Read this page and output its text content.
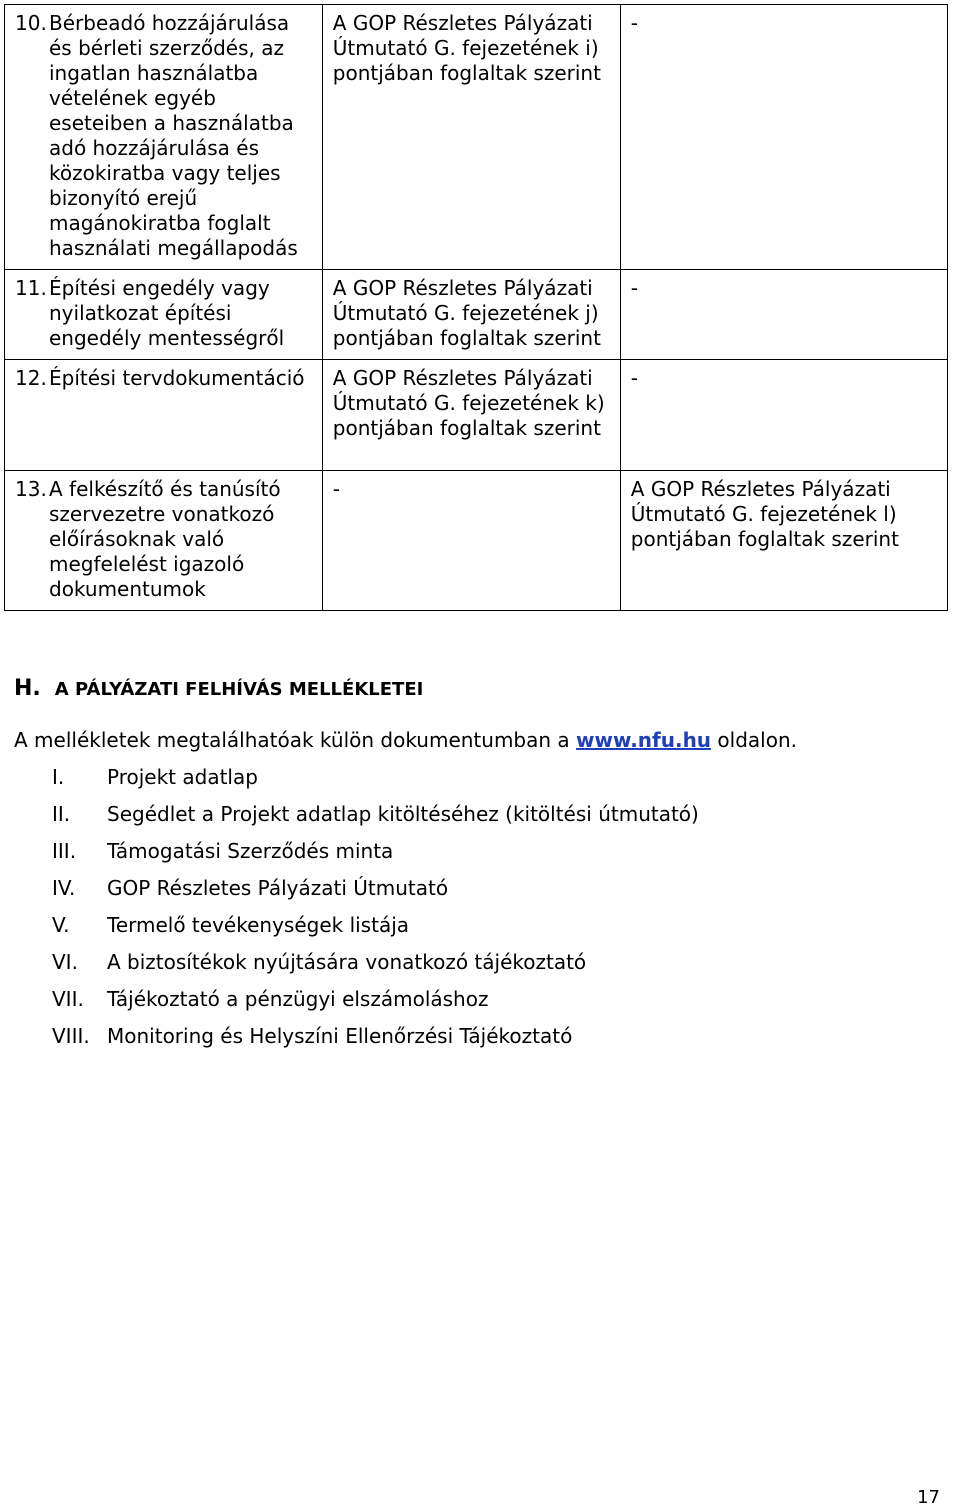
10. Bérbeadó hozzájárulása és bérleti szerződés, az ingatlan használatba vételének egyéb eseteiben a használatba adó hozzájárulása és közokiratba vagy teljes bizonyító erejű magánokiratba foglalt használati megállapodás	A GOP Részletes Pályázati Útmutató G. fejezetének i) pontjában foglaltak szerint	-

11. Építési engedély vagy nyilatkozat építési engedély mentességről	A GOP Részletes Pályázati Útmutató G. fejezetének j) pontjában foglaltak szerint	-

12. Építési tervdokumentáció	A GOP Részletes Pályázati Útmutató G. fejezetének k) pontjában foglaltak szerint	-

13. A felkészítő és tanúsító szervezetre vonatkozó előírásoknak való megfelelést igazoló dokumentumok	-	A GOP Részletes Pályázati Útmutató G. fejezetének l) pontjában foglaltak szerint
H. A PÁLYÁZATI FELHÍVÁS MELLÉKLETEI
A mellékletek megtalálhatóak külön dokumentumban a www.nfu.hu oldalon.
I.	Projekt adatlap
II.	Segédlet a Projekt adatlap kitöltéséhez (kitöltési útmutató)
III.	Támogatási Szerződés minta
IV.	GOP Részletes Pályázati Útmutató
V.	Termelő tevékenységek listája
VI.	A biztosítékok nyújtására vonatkozó tájékoztató
VII.	Tájékoztató a pénzügyi elszámoláshoz
VIII. Monitoring és Helyszíni Ellenőrzési Tájékoztató
17
